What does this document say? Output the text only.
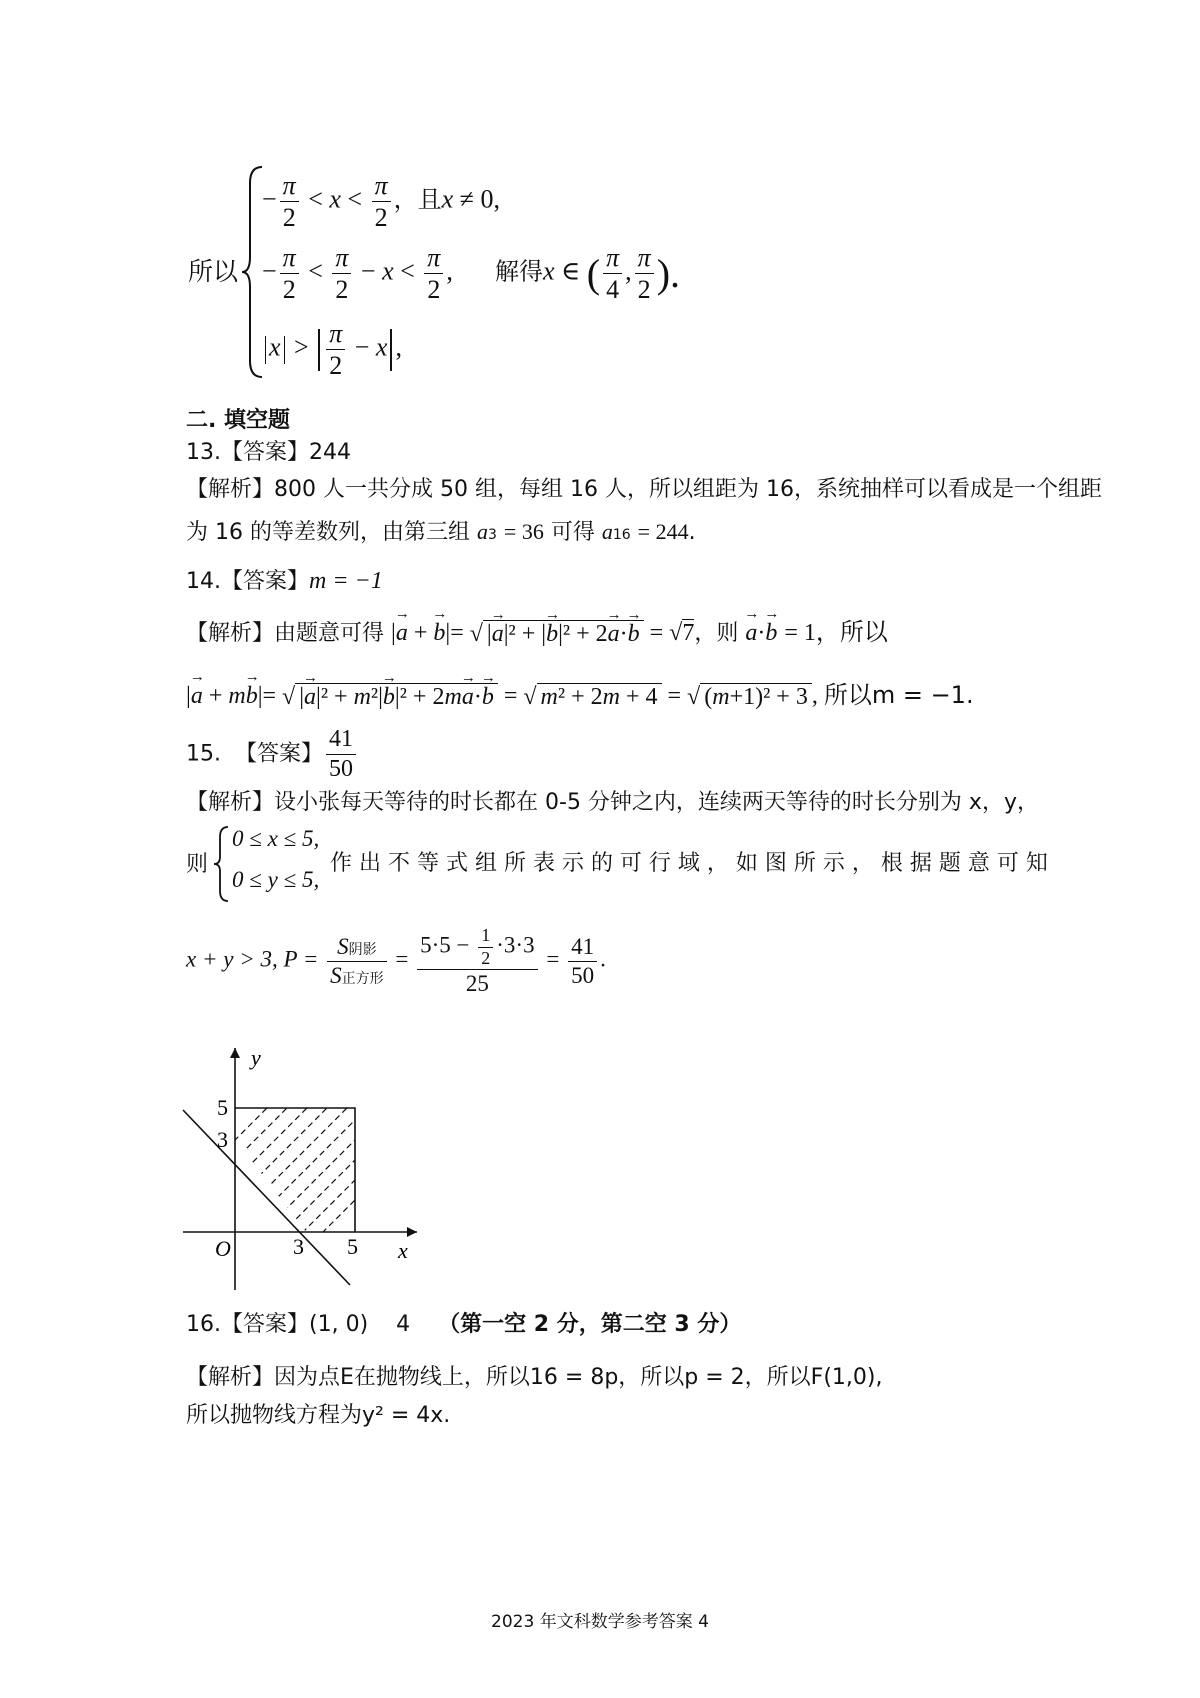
所以
− $\frac{\pi}{2} < x < \frac{\pi}{2}$ ，且x ≠ 0,
− $\frac{\pi}{2} < \frac{\pi}{2} - x < \frac{\pi}{2}$ ,
$x > \frac{\pi}{2} - x$ ,
解得x ∈ ( $\frac{\pi}{4}$ , $\frac{\pi}{2}$ ).
二. 填空题
13.【答案】244
【解析】800 人一共分成 50 组，每组 16 人，所以组距为 16，系统抽样可以看成是一个组距
为 16 的等差数列，由第三组 a3 = 36 可得 a16 = 244.
14.【答案】m = −1
【解析】由题意可得 |→ a + → b|= √ |→ a|² + |→ b|² + 2→ a·→ b = √7，则 → a·→ b = 1，所以
|→ a + m→ b|= √ |→ a|² + m²|→ b|² + 2m→ a·→ b = √ m² + 2m + 4 = √ (m+1)² + 3 , 所以m = −1.
15. 【答案】 $\frac{41}{50}$
【解析】设小张每天等待的时长都在 0-5 分钟之内，连续两天等待的时长分别为 x，y，
则
0 ≤ x ≤ 5,
0 ≤ y ≤ 5,
作 出 不 等 式 组 所 表 示 的 可 行 域 ， 如 图 所 示 ， 根 据 题 意 可 知
x + y > 3, $P = \frac{\text{S阴影}}{\text{S正方形}} = \frac{5\cdot 5 - \frac{1}{2} \cdot 3\cdot 3}{25} = \frac{41}{50}$ .
y
x
O
5
3
3 5
16.【答案】(1, 0)    4 （第一空 2 分，第二空 3 分）
【解析】因为点E在抛物线上，所以16 = 8p，所以p = 2，所以F(1,0),
所以抛物线方程为y² = 4x.
2023 年文科数学参考答案 4
